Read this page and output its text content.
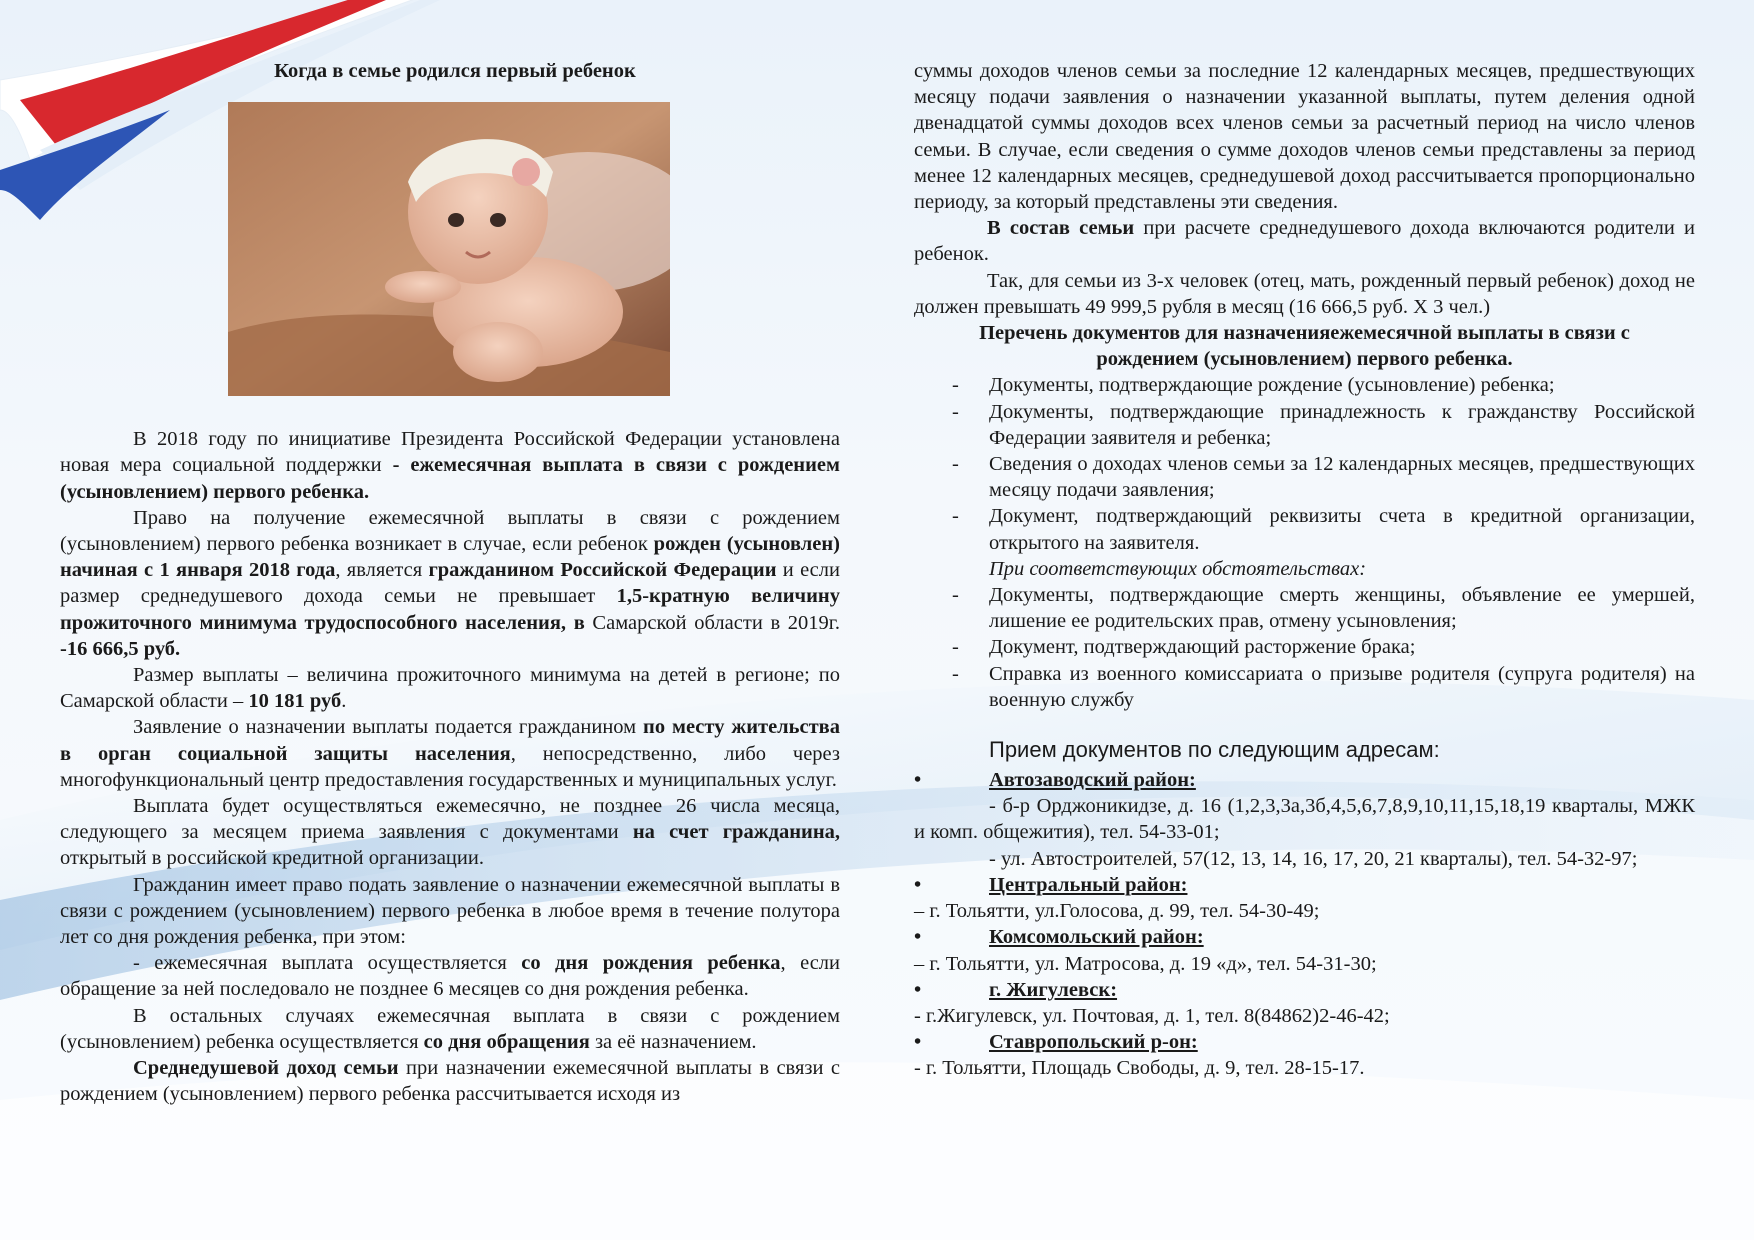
Когда в семье родился первый ребенок

В 2018 году по инициативе Президента Российской Федерации установлена новая мера социальной поддержки - ежемесячная выплата в связи с рождением (усыновлением) первого ребенка.

Право на получение ежемесячной выплаты в связи с рождением (усыновлением) первого ребенка возникает в случае, если ребенок рожден (усыновлен) начиная с 1 января 2018 года, является гражданином Российской Федерации и если размер среднедушевого дохода семьи не превышает 1,5-кратную величину прожиточного минимума трудоспособного населения, в Самарской области в 2019г. -16 666,5 руб.

Размер выплаты – величина прожиточного минимума на детей в регионе; по Самарской области – 10 181 руб.

Заявление о назначении выплаты подается гражданином по месту жительства в орган социальной защиты населения, непосредственно, либо через многофункциональный центр предоставления государственных и муниципальных услуг.

Выплата будет осуществляться ежемесячно, не позднее 26 числа месяца, следующего за месяцем приема заявления с документами на счет гражданина, открытый в российской кредитной организации.

Гражданин имеет право подать заявление о назначении ежемесячной выплаты в связи с рождением (усыновлением) первого ребенка в любое время в течение полутора лет со дня рождения ребенка, при этом:

- ежемесячная выплата осуществляется со дня рождения ребенка, если обращение за ней последовало не позднее 6 месяцев со дня рождения ребенка.

В остальных случаях ежемесячная выплата в связи с рождением (усыновлением) ребенка осуществляется со дня обращения за её назначением.

Среднедушевой доход семьи при назначении ежемесячной выплаты в связи с рождением (усыновлением) первого ребенка рассчитывается исходя из

суммы доходов членов семьи за последние 12 календарных месяцев, предшествующих месяцу подачи заявления о назначении указанной выплаты, путем деления одной двенадцатой суммы доходов всех членов семьи за расчетный период на число членов семьи. В случае, если сведения о сумме доходов членов семьи представлены за период менее 12 календарных месяцев, среднедушевой доход рассчитывается пропорционально периоду, за который представлены эти сведения.

В состав семьи при расчете среднедушевого дохода включаются родители и ребенок.

Так, для семьи из 3-х человек (отец, мать, рожденный первый ребенок) доход не должен превышать 49 999,5 рубля в месяц (16 666,5 руб. Х 3 чел.)

Перечень документов для назначенияежемесячной выплаты в связи с

рождением (усыновлением) первого ребенка.

- Документы, подтверждающие рождение (усыновление) ребенка;
- Документы, подтверждающие принадлежность к гражданству Российской Федерации заявителя и ребенка;
- Сведения о доходах членов семьи за 12 календарных месяцев, предшествующих месяцу подачи заявления;
- Документ, подтверждающий реквизиты счета в кредитной организации, открытого на заявителя.

При соответствующих обстоятельствах:

- Документы, подтверждающие смерть женщины, объявление ее умершей, лишение ее родительских прав, отмену усыновления;
- Документ, подтверждающий расторжение брака;
- Справка из военного комиссариата о призыве родителя (супруга родителя) на военную службу

Прием документов по следующим адресам:

• Автозаводский район:

- б-р Орджоникидзе, д. 16 (1,2,3,3а,3б,4,5,6,7,8,9,10,11,15,18,19 кварталы, МЖК и комп. общежития), тел. 54-33-01;

- ул. Автостроителей, 57(12, 13, 14, 16, 17, 20, 21 кварталы), тел. 54-32-97;

• Центральный район:

– г. Тольятти, ул.Голосова, д. 99, тел. 54-30-49;

• Комсомольский район:

– г. Тольятти, ул. Матросова, д. 19 «д», тел. 54-31-30;

• г. Жигулевск:

- г.Жигулевск, ул. Почтовая, д. 1, тел. 8(84862)2-46-42;

• Ставропольский р-он:

- г. Тольятти, Площадь Свободы, д. 9, тел. 28-15-17.
